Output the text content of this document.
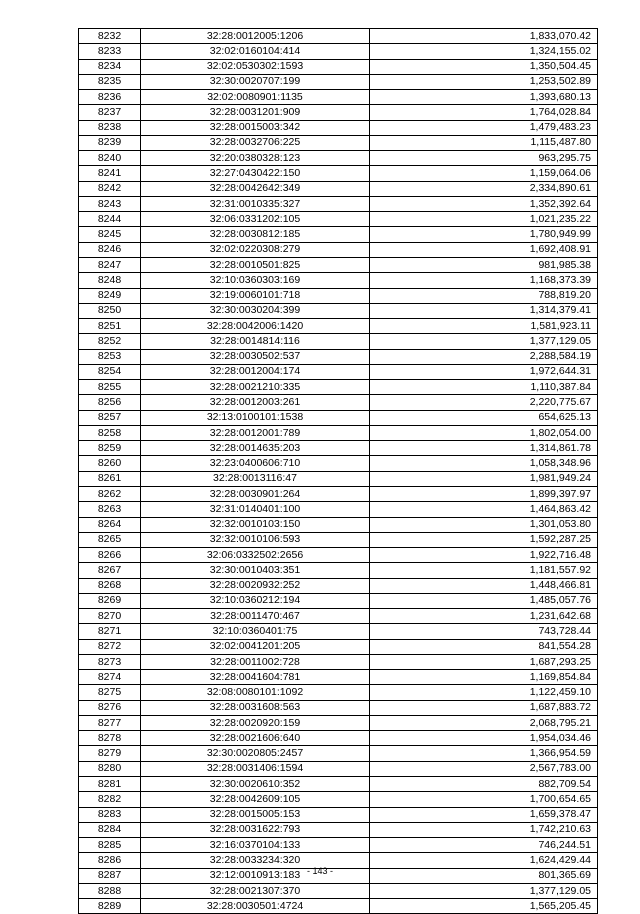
8232	32:28:0012005:1206	1,833,070.42
8233	32:02:0160104:414	1,324,155.02
8234	32:02:0530302:1593	1,350,504.45
8235	32:30:0020707:199	1,253,502.89
8236	32:02:0080901:1135	1,393,680.13
8237	32:28:0031201:909	1,764,028.84
8238	32:28:0015003:342	1,479,483.23
8239	32:28:0032706:225	1,115,487.80
8240	32:20:0380328:123	963,295.75
8241	32:27:0430422:150	1,159,064.06
8242	32:28:0042642:349	2,334,890.61
8243	32:31:0010335:327	1,352,392.64
8244	32:06:0331202:105	1,021,235.22
8245	32:28:0030812:185	1,780,949.99
8246	32:02:0220308:279	1,692,408.91
8247	32:28:0010501:825	981,985.38
8248	32:10:0360303:169	1,168,373.39
8249	32:19:0060101:718	788,819.20
8250	32:30:0030204:399	1,314,379.41
8251	32:28:0042006:1420	1,581,923.11
8252	32:28:0014814:116	1,377,129.05
8253	32:28:0030502:537	2,288,584.19
8254	32:28:0012004:174	1,972,644.31
8255	32:28:0021210:335	1,110,387.84
8256	32:28:0012003:261	2,220,775.67
8257	32:13:0100101:1538	654,625.13
8258	32:28:0012001:789	1,802,054.00
8259	32:28:0014635:203	1,314,861.78
8260	32:23:0400606:710	1,058,348.96
8261	32:28:0013116:47	1,981,949.24
8262	32:28:0030901:264	1,899,397.97
8263	32:31:0140401:100	1,464,863.42
8264	32:32:0010103:150	1,301,053.80
8265	32:32:0010106:593	1,592,287.25
8266	32:06:0332502:2656	1,922,716.48
8267	32:30:0010403:351	1,181,557.92
8268	32:28:0020932:252	1,448,466.81
8269	32:10:0360212:194	1,485,057.76
8270	32:28:0011470:467	1,231,642.68
8271	32:10:0360401:75	743,728.44
8272	32:02:0041201:205	841,554.28
8273	32:28:0011002:728	1,687,293.25
8274	32:28:0041604:781	1,169,854.84
8275	32:08:0080101:1092	1,122,459.10
8276	32:28:0031608:563	1,687,883.72
8277	32:28:0020920:159	2,068,795.21
8278	32:28:0021606:640	1,954,034.46
8279	32:30:0020805:2457	1,366,954.59
8280	32:28:0031406:1594	2,567,783.00
8281	32:30:0020610:352	882,709.54
8282	32:28:0042609:105	1,700,654.65
8283	32:28:0015005:153	1,659,378.47
8284	32:28:0031622:793	1,742,210.63
8285	32:16:0370104:133	746,244.51
8286	32:28:0033234:320	1,624,429.44
8287	32:12:0010913:183	801,365.69
8288	32:28:0021307:370	1,377,129.05
8289	32:28:0030501:4724	1,565,205.45
- 143 -
